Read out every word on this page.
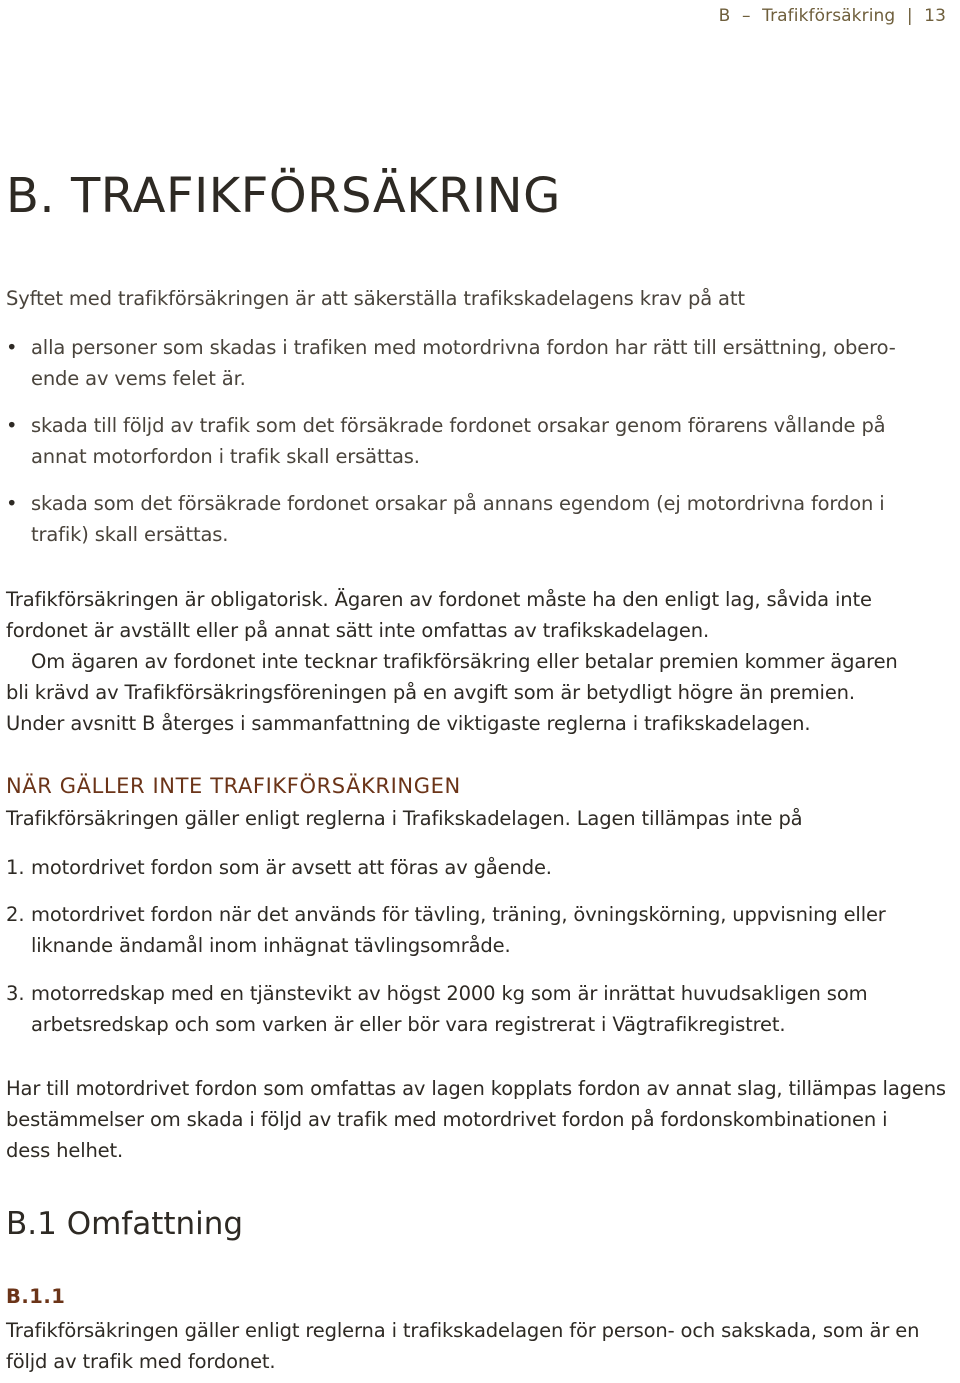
B – Trafikförsäkring | 13
B. TRAFIKFÖRSÄKRING

Syftet med trafikförsäkringen är att säkerställa trafikskadelagens krav på att

• alla personer som skadas i trafiken med motordrivna fordon har rätt till ersättning, obero-

ende av vems felet är.

• skada till följd av trafik som det försäkrade fordonet orsakar genom förarens vållande på

annat motorfordon i trafik skall ersättas.

• skada som det försäkrade fordonet orsakar på annans egendom (ej motordrivna fordon i

trafik) skall ersättas.

Trafikförsäkringen är obligatorisk. Ägaren av fordonet måste ha den enligt lag, såvida inte

fordonet är avställt eller på annat sätt inte omfattas av trafikskadelagen.

Om ägaren av fordonet inte tecknar trafikförsäkring eller betalar premien kommer ägaren

bli krävd av Trafikförsäkringsföreningen på en avgift som är betydligt högre än premien.

Under avsnitt B återges i sammanfattning de viktigaste reglerna i trafikskadelagen.

NÄR GÄLLER INTE TRAFIKFÖRSÄKRINGEN

Trafikförsäkringen gäller enligt reglerna i Trafikskadelagen. Lagen tillämpas inte på

1. motordrivet fordon som är avsett att föras av gående.

2. motordrivet fordon när det används för tävling, träning, övningskörning, uppvisning eller

liknande ändamål inom inhägnat tävlingsområde.

3. motorredskap med en tjänstevikt av högst 2000 kg som är inrättat huvudsakligen som

arbetsredskap och som varken är eller bör vara registrerat i Vägtrafikregistret.

Har till motordrivet fordon som omfattas av lagen kopplats fordon av annat slag, tillämpas lagens

bestämmelser om skada i följd av trafik med motordrivet fordon på fordonskombinationen i

dess helhet.

B.1 Omfattning
B.1.1

Trafikförsäkringen gäller enligt reglerna i trafikskadelagen för person- och sakskada, som är en

följd av trafik med fordonet.
